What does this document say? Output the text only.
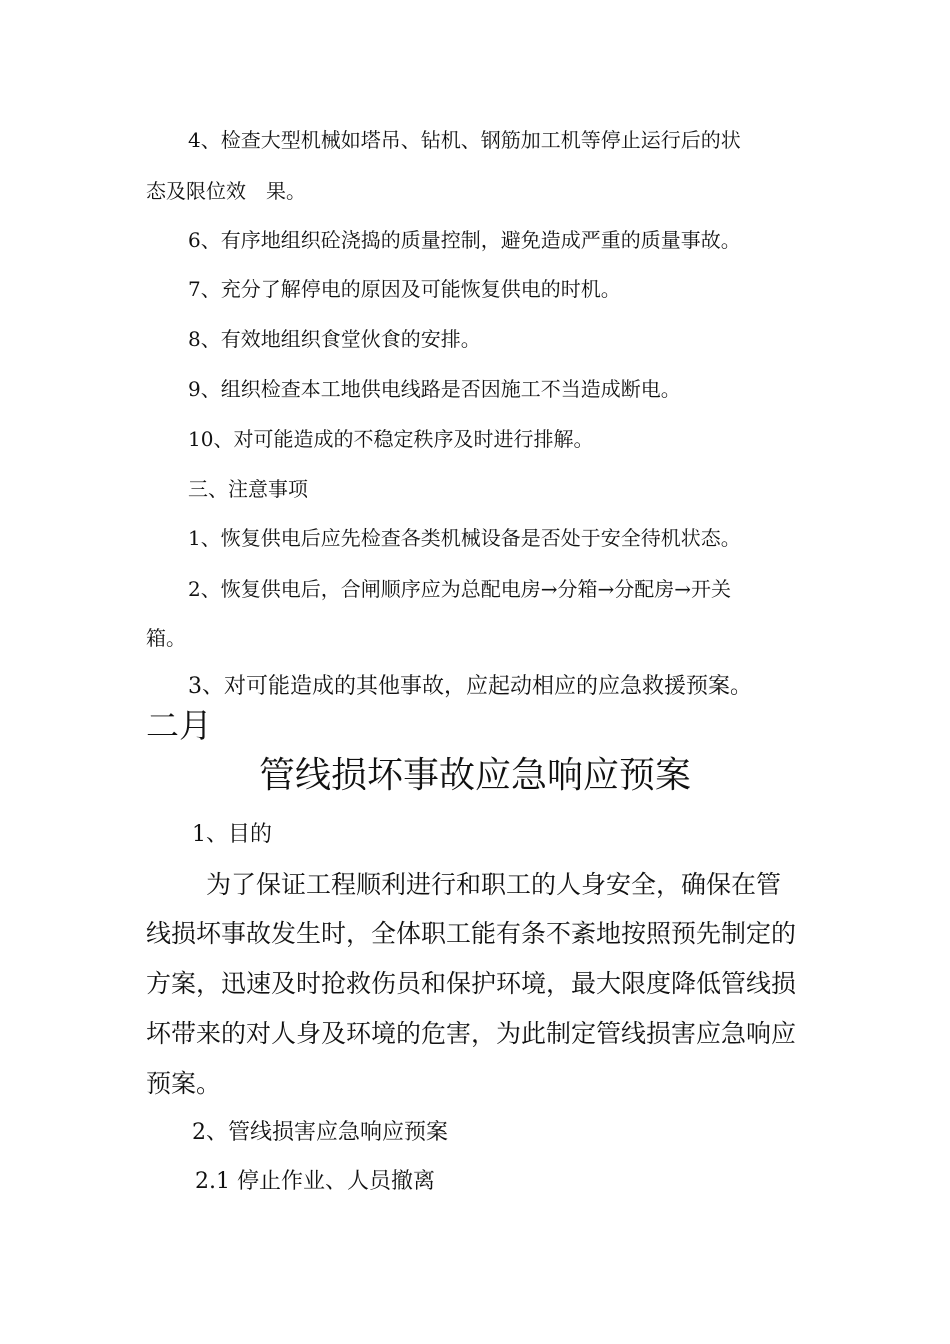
4、检查大型机械如塔吊、钻机、钢筋加工机等停止运行后的状
态及限位效　果。
6、有序地组织砼浇捣的质量控制，避免造成严重的质量事故。
7、充分了解停电的原因及可能恢复供电的时机。
8、有效地组织食堂伙食的安排。
9、组织检查本工地供电线路是否因施工不当造成断电。
10、对可能造成的不稳定秩序及时进行排解。
三、注意事项
1、恢复供电后应先检查各类机械设备是否处于安全待机状态。
2、恢复供电后，合闸顺序应为总配电房→分箱→分配房→开关
箱。
3、对可能造成的其他事故，应起动相应的应急救援预案。
二月
管线损坏事故应急响应预案
1、目的
为了保证工程顺利进行和职工的人身安全，确保在管
线损坏事故发生时，全体职工能有条不紊地按照预先制定的
方案，迅速及时抢救伤员和保护环境，最大限度降低管线损
坏带来的对人身及环境的危害，为此制定管线损害应急响应
预案。
2、管线损害应急响应预案
2.1 停止作业、人员撤离
